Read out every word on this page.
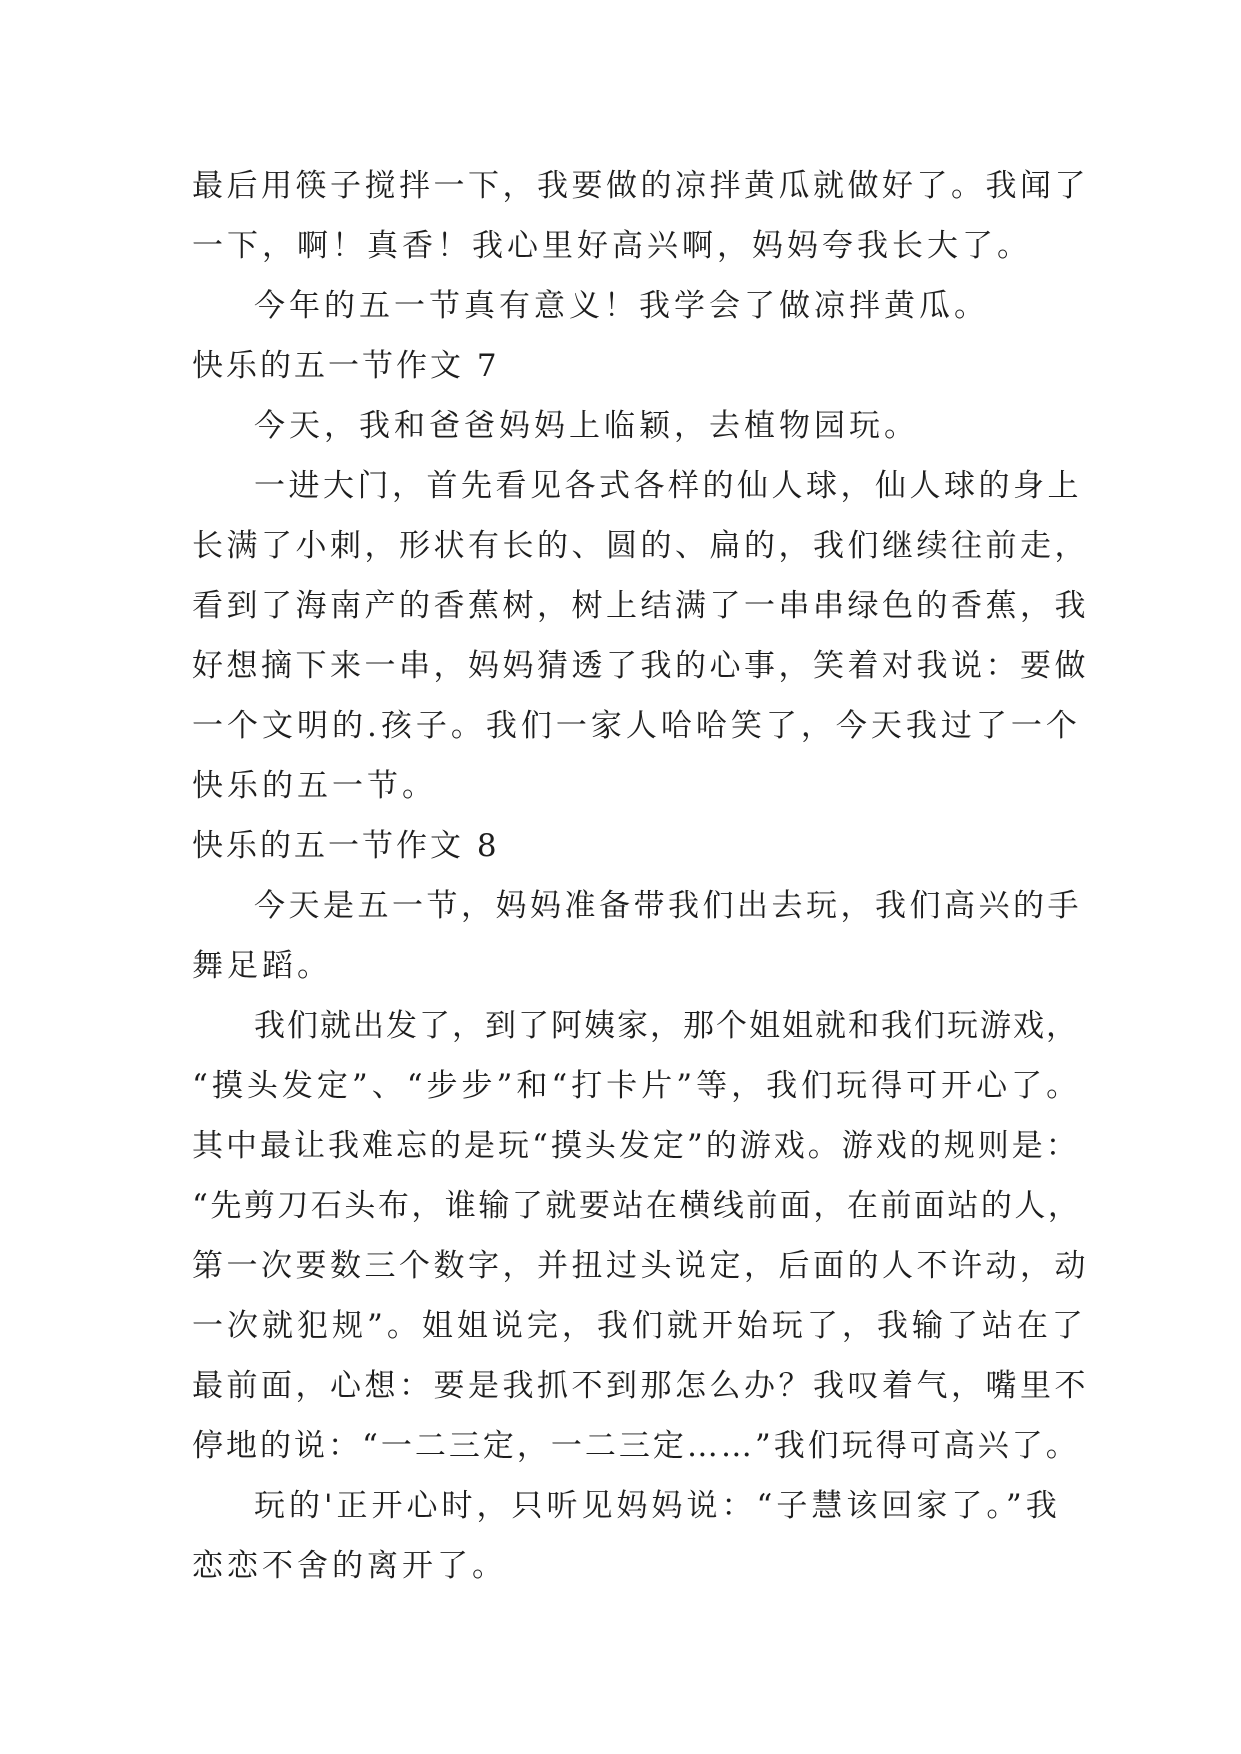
最后用筷子搅拌一下，我要做的凉拌黄瓜就做好了。我闻了

一下，啊！真香！我心里好高兴啊，妈妈夸我长大了。

今年的五一节真有意义！我学会了做凉拌黄瓜。

快乐的五一节作文 7

今天，我和爸爸妈妈上临颖，去植物园玩。

一进大门，首先看见各式各样的仙人球，仙人球的身上

长满了小刺，形状有长的、圆的、扁的，我们继续往前走，

看到了海南产的香蕉树，树上结满了一串串绿色的香蕉，我

好想摘下来一串，妈妈猜透了我的心事，笑着对我说：要做

一个文明的.孩子。我们一家人哈哈笑了，今天我过了一个

快乐的五一节。

快乐的五一节作文 8

今天是五一节，妈妈准备带我们出去玩，我们高兴的手

舞足蹈。

我们就出发了，到了阿姨家，那个姐姐就和我们玩游戏，

“摸头发定”、“步步”和“打卡片”等，我们玩得可开心了。

其中最让我难忘的是玩“摸头发定”的游戏。游戏的规则是：

“先剪刀石头布，谁输了就要站在横线前面，在前面站的人，

第一次要数三个数字，并扭过头说定，后面的人不许动，动

一次就犯规”。姐姐说完，我们就开始玩了，我输了站在了

最前面，心想：要是我抓不到那怎么办？我叹着气，嘴里不

停地的说：“一二三定，一二三定……”我们玩得可高兴了。

玩的'正开心时，只听见妈妈说：“子慧该回家了。”我

恋恋不舍的离开了。
